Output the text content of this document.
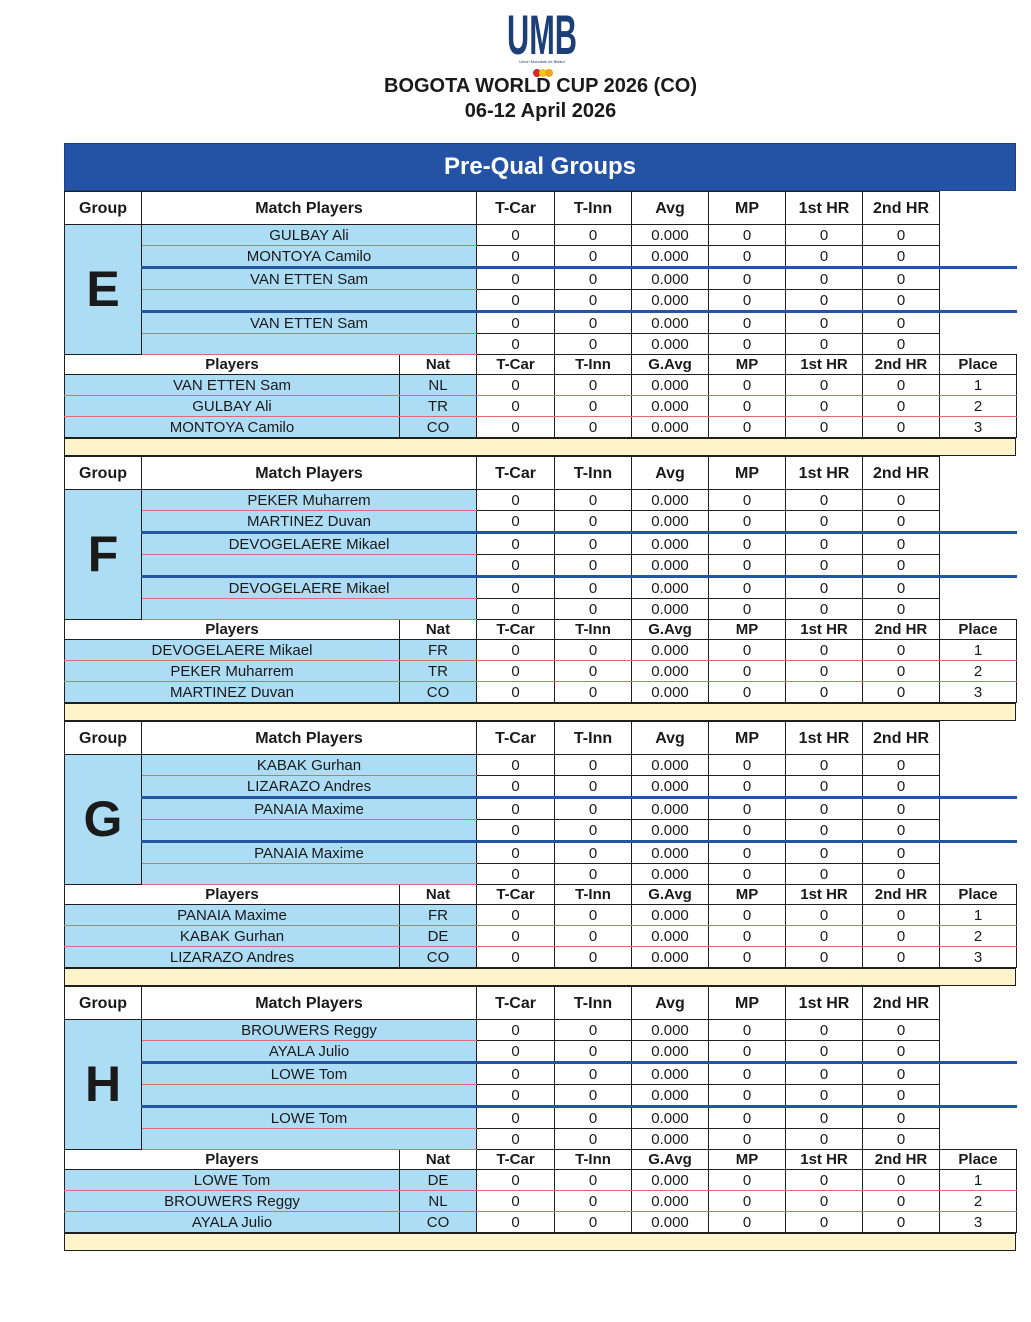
UMB
Union Mondiale de Billard
BOGOTA WORLD CUP 2026 (CO)
06-12 April 2026
Pre-Qual Groups
Group	Match Players		T-Car	T-Inn	Avg	MP	1st HR	2nd HR	
E	GULBAY Ali		0	0	0.000	0	0	0	
	MONTOYA Camilo		0	0	0.000	0	0	0	
	VAN ETTEN Sam		0	0	0.000	0	0	0	
			0	0	0.000	0	0	0	
	VAN ETTEN Sam		0	0	0.000	0	0	0	
			0	0	0.000	0	0	0	
Players		Nat	T-Car	T-Inn	G.Avg	MP	1st HR	2nd HR	Place
VAN ETTEN Sam		NL	0	0	0.000	0	0	0	1
GULBAY Ali		TR	0	0	0.000	0	0	0	2
MONTOYA Camilo		CO	0	0	0.000	0	0	0	3
Group	Match Players		T-Car	T-Inn	Avg	MP	1st HR	2nd HR	
F	PEKER Muharrem		0	0	0.000	0	0	0	
	MARTINEZ Duvan		0	0	0.000	0	0	0	
	DEVOGELAERE Mikael		0	0	0.000	0	0	0	
			0	0	0.000	0	0	0	
	DEVOGELAERE Mikael		0	0	0.000	0	0	0	
			0	0	0.000	0	0	0	
Players		Nat	T-Car	T-Inn	G.Avg	MP	1st HR	2nd HR	Place
DEVOGELAERE Mikael		FR	0	0	0.000	0	0	0	1
PEKER Muharrem		TR	0	0	0.000	0	0	0	2
MARTINEZ Duvan		CO	0	0	0.000	0	0	0	3
Group	Match Players		T-Car	T-Inn	Avg	MP	1st HR	2nd HR	
G	KABAK Gurhan		0	0	0.000	0	0	0	
	LIZARAZO Andres		0	0	0.000	0	0	0	
	PANAIA Maxime		0	0	0.000	0	0	0	
			0	0	0.000	0	0	0	
	PANAIA Maxime		0	0	0.000	0	0	0	
			0	0	0.000	0	0	0	
Players		Nat	T-Car	T-Inn	G.Avg	MP	1st HR	2nd HR	Place
PANAIA Maxime		FR	0	0	0.000	0	0	0	1
KABAK Gurhan		DE	0	0	0.000	0	0	0	2
LIZARAZO Andres		CO	0	0	0.000	0	0	0	3
Group	Match Players		T-Car	T-Inn	Avg	MP	1st HR	2nd HR	
H	BROUWERS Reggy		0	0	0.000	0	0	0	
	AYALA Julio		0	0	0.000	0	0	0	
	LOWE Tom		0	0	0.000	0	0	0	
			0	0	0.000	0	0	0	
	LOWE Tom		0	0	0.000	0	0	0	
			0	0	0.000	0	0	0	
Players		Nat	T-Car	T-Inn	G.Avg	MP	1st HR	2nd HR	Place
LOWE Tom		DE	0	0	0.000	0	0	0	1
BROUWERS Reggy		NL	0	0	0.000	0	0	0	2
AYALA Julio		CO	0	0	0.000	0	0	0	3
